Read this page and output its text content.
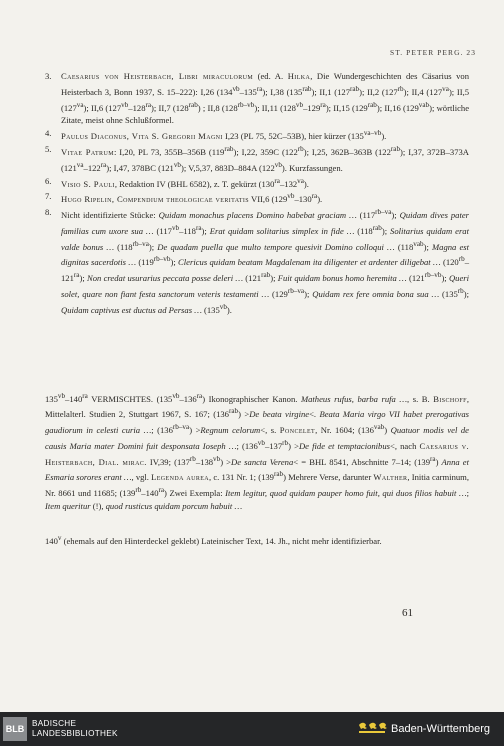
ST. PETER PERG. 23

3. Caesarius von Heisterbach, Libri miraculorum (ed. A. Hilka, Die Wundergeschichten des Cäsarius von Heisterbach 3, Bonn 1937, S. 15–222): I,26 $(134^{vb}-135^{ra})$; I,38 $(135^{rab})$; II,1 $(127^{rab})$; II,2 $(127^{rb})$; II,4 $(127^{va})$; II,5 $(127^{va})$; II,6 $(127^{vb}-128^{ra})$; II,7 $(128^{rab})$ ; II,8 $(128^{rb-vb})$; II,11 $(128^{vb}-129^{ra})$; II,15 $(129^{rab})$; II,16 $(129^{vab})$; wörtliche Zitate, meist ohne Schlußformel.

4. Paulus Diaconus, Vita S. Gregorii Magni I,23 (PL 75, 52C–53B), hier kürzer $(135^{va-vb})$.

5. Vitae Patrum: I,20, PL 73, 355B–356B $(119^{rab})$; I,22, 359C $(122^{rb})$; I,25, 362B–363B $(122^{rab})$; I,37, 372B–373A $(121^{va}-122^{ra})$; I,47, 378BC $(121^{vb})$; V,5,37, 883D–884A $(122^{vb})$. Kurzfassungen.

6. Visio S. Pauli, Redaktion IV (BHL 6582), z. T. gekürzt $(130^{ra}-132^{va})$.

7. Hugo Ripelin, Compendium theologicae veritatis VII,6 $(129^{vb}-130^{ra})$.

8. Nicht identifizierte Stücke: Quidam monachus placens Domino habebat graciam … $(117^{rb-va})$; Quidam dives pater familias cum uxore sua … $(117^{vb}-118^{ra})$; Erat quidam solitarius simplex in fide … $(118^{rab})$; Solitarius quidam erat valde bonus … $(118^{rb-va})$; De quadam puella que multo tempore quesivit Domino colloqui … $(118^{vab})$; Magna est dignitas sacerdotis … $(119^{rb-vb})$; Clericus quidam beatam Magdalenam ita diligenter et ardenter diligebat … $(120^{rb}-121^{ra})$; Non credat usurarius peccata posse deleri … $(121^{rab})$; Fuit quidam bonus homo heremita … $(121^{rb-vb})$; Queri solet, quare non fiant festa sanctorum veteris testamenti … $(129^{rb-va})$; Quidam rex fere omnia bona sua … $(135^{rb})$; Quidam captivus est ductus ad Persas … $(135^{vb})$.

$135^{vb}-140^{ra}$ VERMISCHTES. $(135^{vb}-136^{ra})$ Ikonographischer Kanon. Matheus rufus, barba rufa …, s. B. Bischoff, Mittelalterl. Studien 2, Stuttgart 1967, S. 167; $(136^{rab}) >De$ beata virgine<. Beata Maria virgo VII habet prerogativas gaudiorum in celesti curia …; $(136^{rb-va})$ >Regnum celorum<, s. Poncelet, Nr. 1604; $(136^{vab})$ Quatuor modis vel de causis Maria mater Domini fuit desponsata Ioseph …; $(136^{vb}-137^{rb}) >De$ fide et temptacionibus<, nach Caesarius v. Heisterbach, Dial. mirac. IV,39; $(137^{rb}-138^{vb}) >De$ sancta Verena< = BHL 8541, Abschnitte 7–14; $(139^{ra})$ Anna et Esmaria sorores erant …, vgl. Legenda aurea, c. 131 Nr. 1; $(139^{rab})$ Mehrere Verse, darunter Walther, Initia carminum, Nr. 8661 und 11685; $(139^{rb}-140^{ra})$ Zwei Exempla: Item legitur, quod quidam pauper homo fuit, qui duos filios habuit …; Item queritur (!), quod rusticus quidam porcum habuit …

140$^v$ (ehemals auf den Hinterdeckel geklebt) Lateinischer Text, 14. Jh., nicht mehr identifizierbar.

61
BLB
BADISCHE
LANDESBIBLIOTHEK	Baden-Württemberg
